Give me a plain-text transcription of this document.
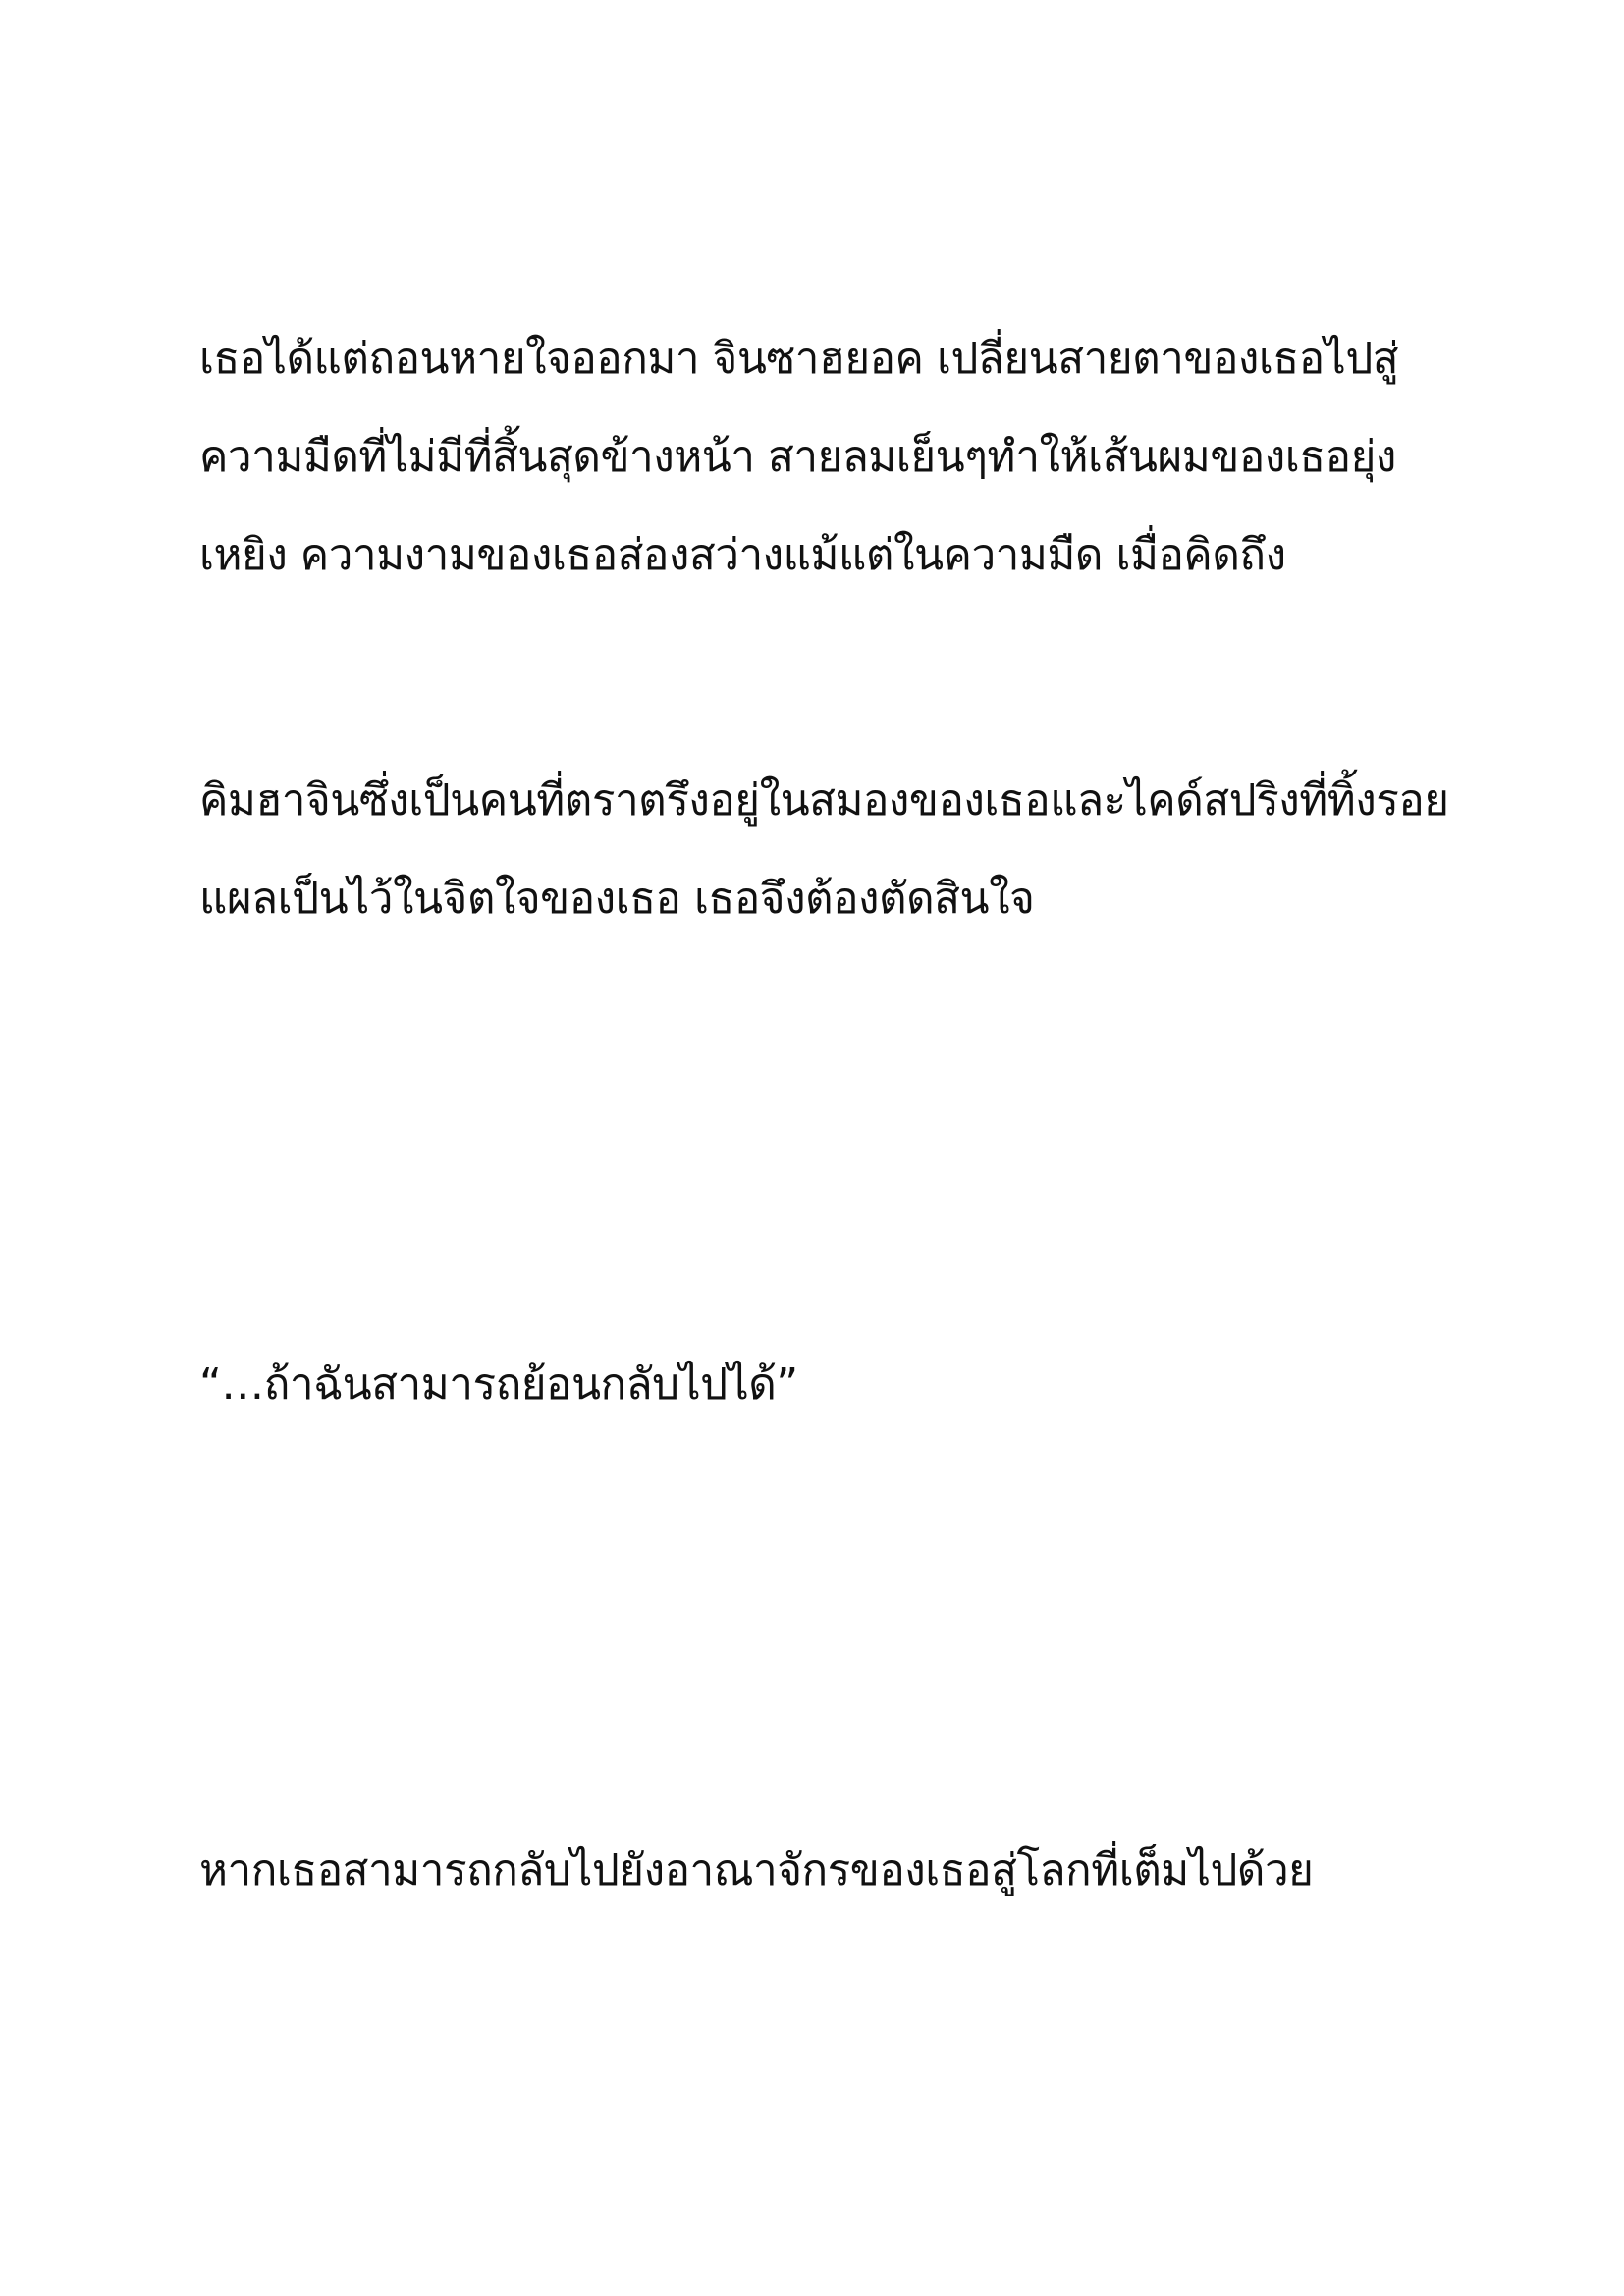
เธอได้แต่ถอนหายใจออกมา จินซาฮยอค เปลี่ยนสายตาของเธอไปสู่
ความมืดที่ไม่มีที่สิ้นสุดข้างหน้า สายลมเย็นๆทำให้เส้นผมของเธอยุ่ง
เหยิง ความงามของเธอส่องสว่างแม้แต่ในความมืด เมื่อคิดถึง
คิมฮาจินซึ่งเป็นคนที่ตราตรึงอยู่ในสมองของเธอและไคด์สปริงที่ทิ้งรอย
แผลเป็นไว้ในจิตใจของเธอ เธอจึงต้องตัดสินใจ
“…ถ้าฉันสามารถย้อนกลับไปได้”
หากเธอสามารถกลับไปยังอาณาจักรของเธอสู่โลกที่เต็มไปด้วย
